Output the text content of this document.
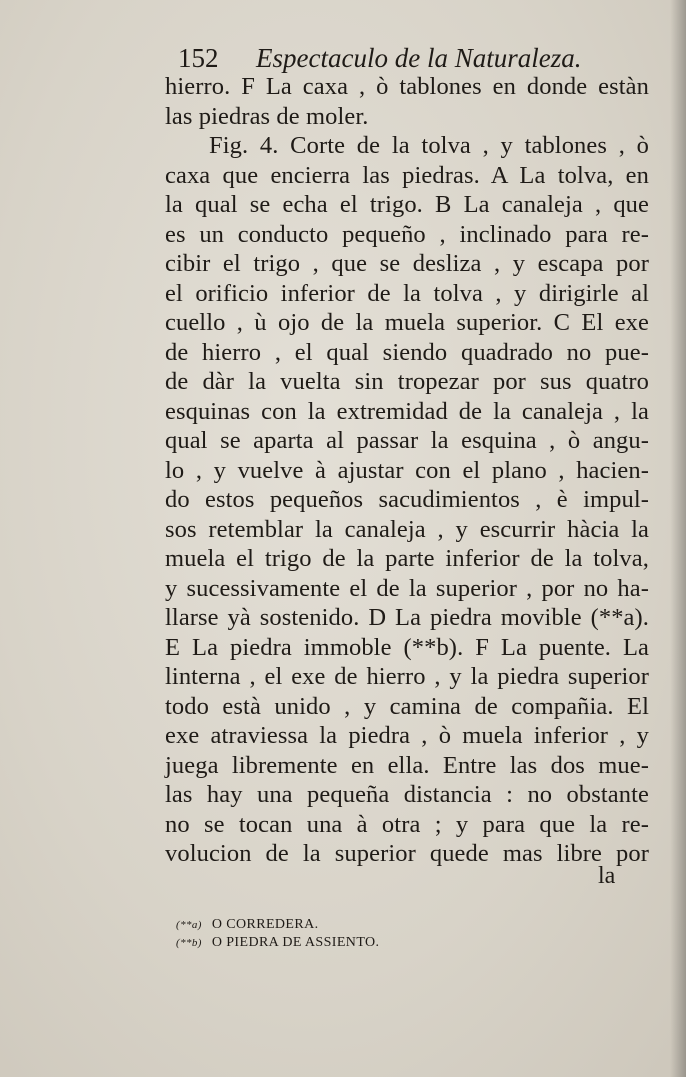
152 Espectaculo de la Naturaleza.
hierro. F La caxa , ò tablones en donde estàn
las piedras de moler.
Fig. 4. Corte de la tolva , y tablones , ò
caxa que encierra las piedras. A La tolva, en
la qual se echa el trigo. B La canaleja , que
es un conducto pequeño , inclinado para re-
cibir el trigo , que se desliza , y escapa por
el orificio inferior de la tolva , y dirigirle al
cuello , ù ojo de la muela superior. C El exe
de hierro , el qual siendo quadrado no pue-
de dàr la vuelta sin tropezar por sus quatro
esquinas con la extremidad de la canaleja , la
qual se aparta al passar la esquina , ò angu-
lo , y vuelve à ajustar con el plano , hacien-
do estos pequeños sacudimientos , è impul-
sos retemblar la canaleja , y escurrir hàcia la
muela el trigo de la parte inferior de la tolva,
y sucessivamente el de la superior , por no ha-
llarse yà sostenido. D La piedra movible (**a).
E La piedra immoble (**b). F La puente. La
linterna , el exe de hierro , y la piedra superior
todo està unido , y camina de compañia. El
exe atraviessa la piedra , ò muela inferior , y
juega libremente en ella. Entre las dos mue-
las hay una pequeña distancia : no obstante
no se tocan una à otra ; y para que la re-
volucion de la superior quede mas libre por
la
(**a) O CORREDERA.
(**b) O PIEDRA DE ASSIENTO.
